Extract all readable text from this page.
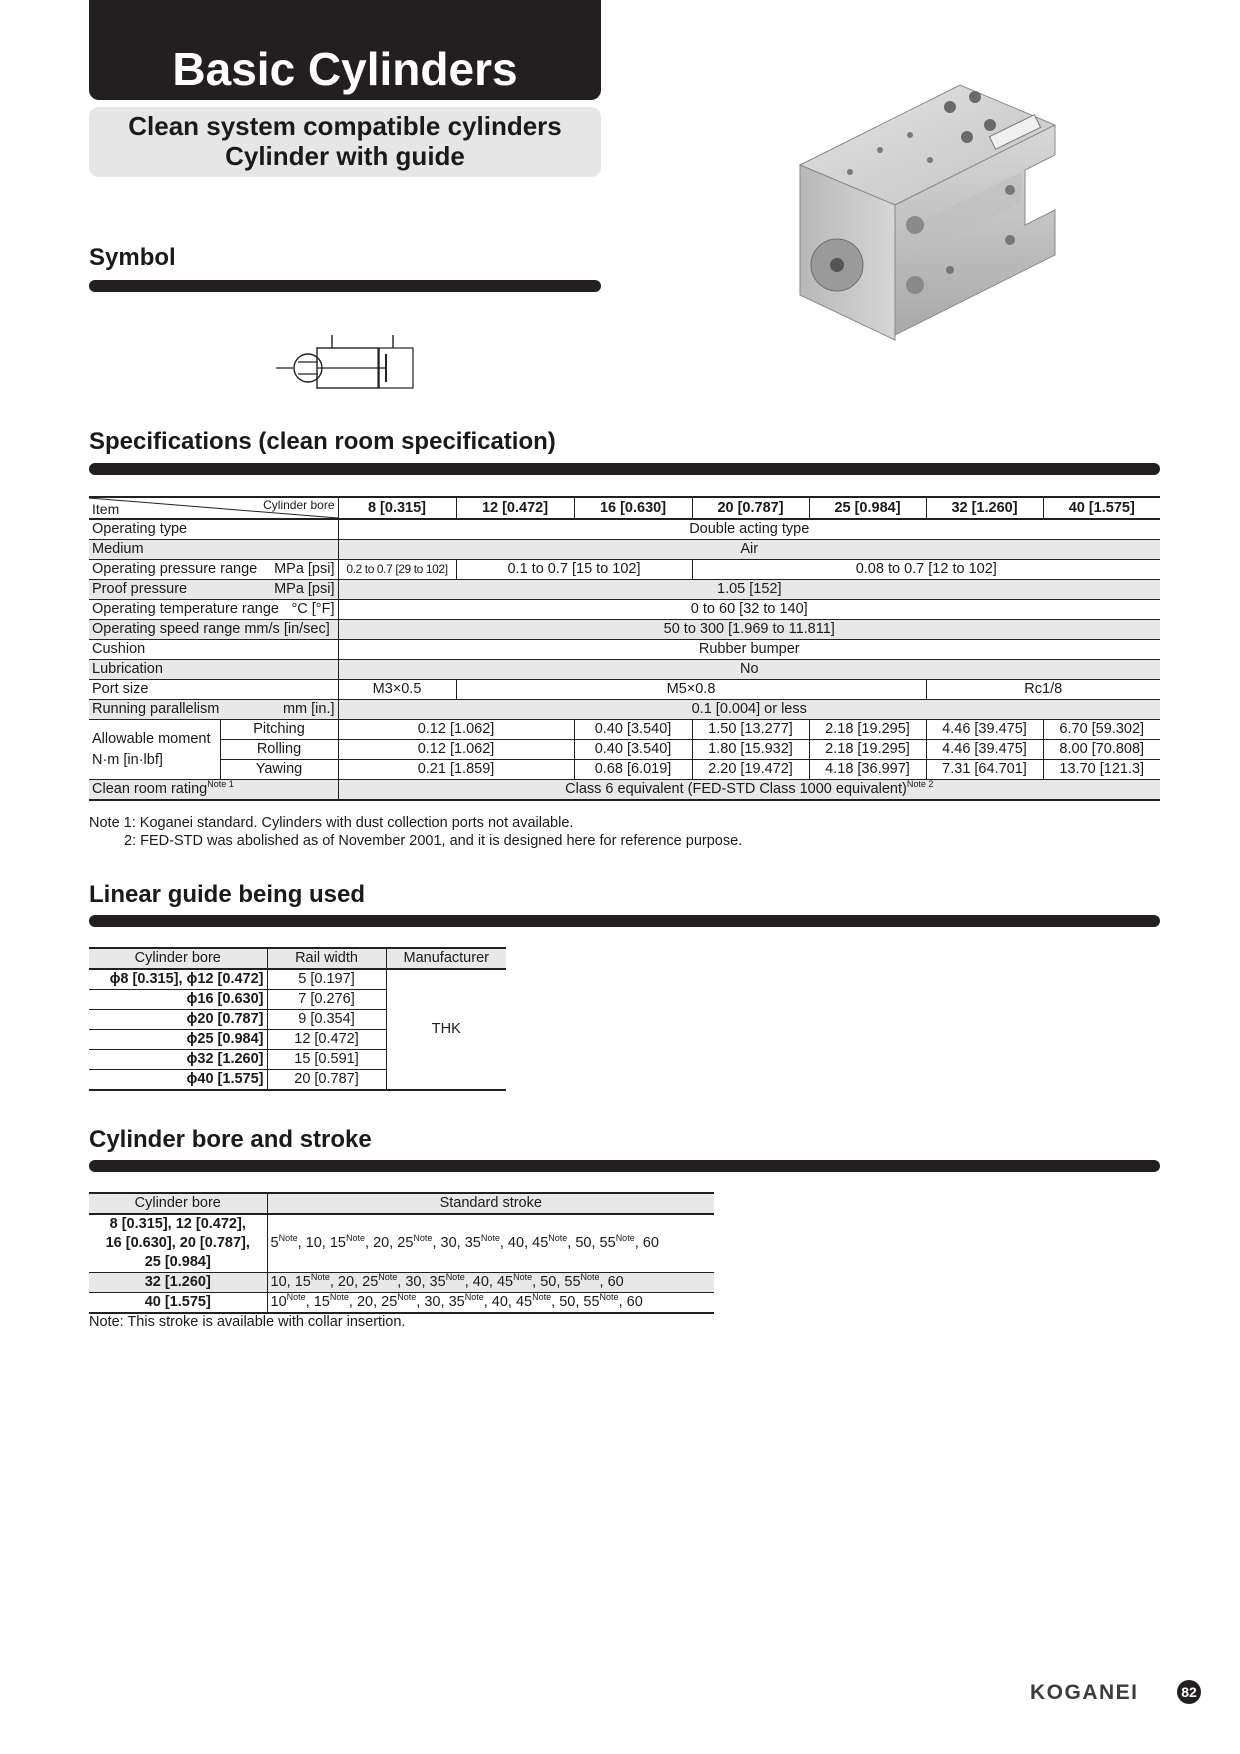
Basic Cylinders
Clean system compatible cylinders
Cylinder with guide
Symbol
Specifications (clean room specification)
Item Cylinder bore		8 [0.315]	12 [0.472]	16 [0.630]	20 [0.787]	25 [0.984]	32 [1.260]	40 [1.575]
Operating type		Double acting type						
Medium		Air						
Operating pressure range MPa [psi]		0.2 to 0.7 [29 to 102]	0.1 to 0.7 [15 to 102]		0.08 to 0.7 [12 to 102]			
Proof pressure MPa [psi]		1.05 [152]						
Operating temperature range °C [°F]		0 to 60 [32 to 140]						
Operating speed range mm/s [in/sec]		50 to 300 [1.969 to 11.811]						
Cushion		Rubber bumper						
Lubrication		No						
Port size		M3×0.5	M5×0.8				Rc1/8	
Running parallelism mm [in.]		0.1 [0.004] or less						

Allowable moment
N·m [in·lbf]	Pitching	0.12 [1.062]		0.40 [3.540]	1.50 [13.277]	2.18 [19.295]	4.46 [39.475]	6.70 [59.302]
	Rolling	0.12 [1.062]		0.40 [3.540]	1.80 [15.932]	2.18 [19.295]	4.46 [39.475]	8.00 [70.808]
	Yawing	0.21 [1.859]		0.68 [6.019]	2.20 [19.472]	4.18 [36.997]	7.31 [64.701]	13.70 [121.3]
Clean room rating$^{Note 1}$		Class 6 equivalent (FED-STD Class 1000 equivalent)$^{Note 2}$
Note 1: Koganei standard. Cylinders with dust collection ports not available.
2: FED-STD was abolished as of November 2001, and it is designed here for reference purpose.
Linear guide being used
Cylinder bore	Rail width	Manufacturer
ϕ8 [0.315], ϕ12 [0.472]	5 [0.197]	THK
ϕ16 [0.630]	7 [0.276]	
ϕ20 [0.787]	9 [0.354]	
ϕ25 [0.984]	12 [0.472]	
ϕ32 [1.260]	15 [0.591]	
ϕ40 [1.575]	20 [0.787]	
Cylinder bore and stroke
Cylinder bore	Standard stroke

8 [0.315], 12 [0.472],
16 [0.630], 20 [0.787],
25 [0.984]	$5^{Note}$, 10, $15^{Note}$, 20, $25^{Note}$, 30, $35^{Note}$, 40, $45^{Note}$, 50, $55^{Note}$, 60
32 [1.260]	10, $15^{Note}$, 20, $25^{Note}$, 30, $35^{Note}$, 40, $45^{Note}$, 50, $55^{Note}$, 60
40 [1.575]	$10^{Note}$, $15^{Note}$, 20, $25^{Note}$, 30, $35^{Note}$, 40, $45^{Note}$, 50, $55^{Note}$, 60
Note: This stroke is available with collar insertion.
KOGANEI	82
